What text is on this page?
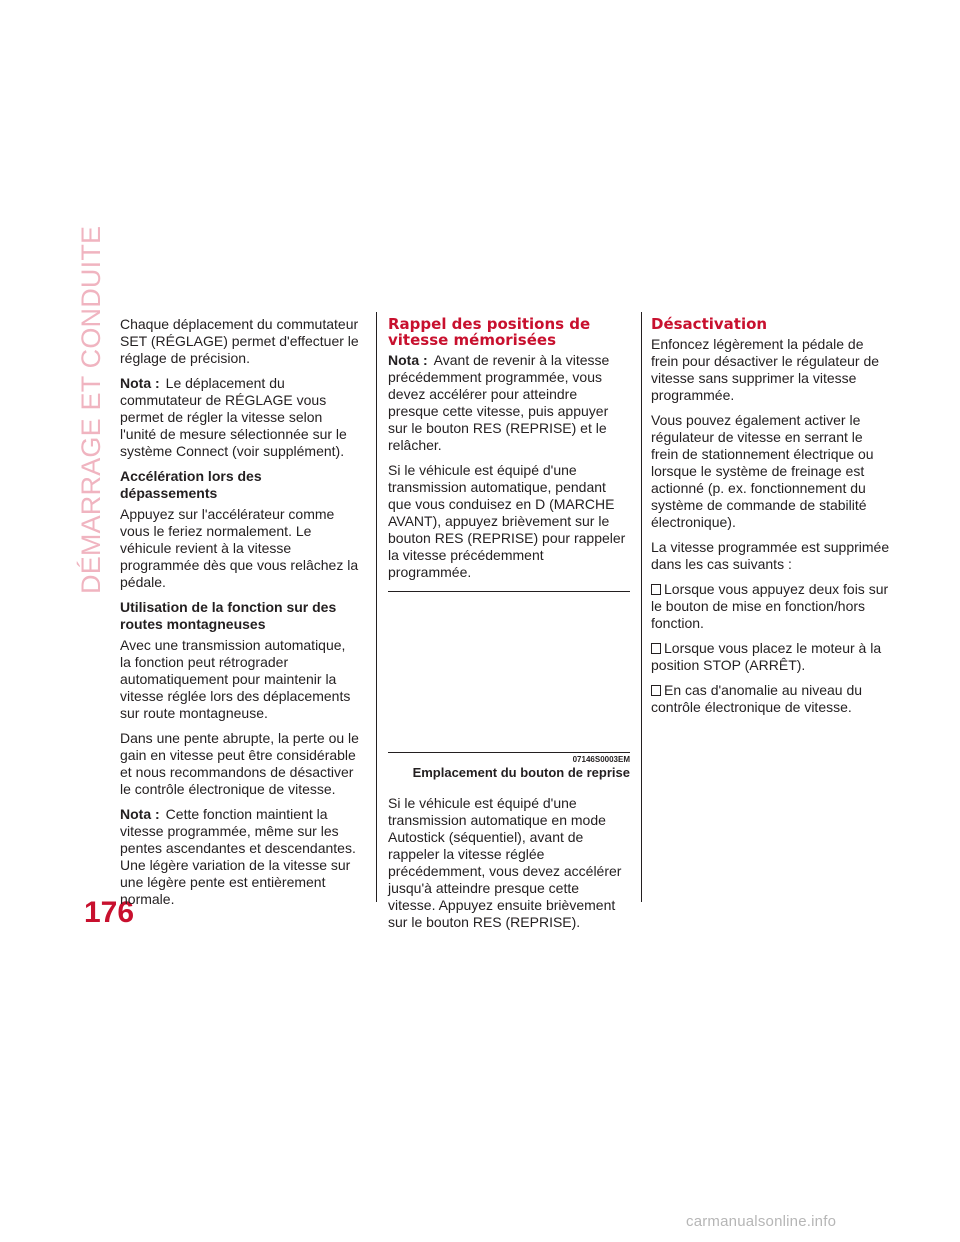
DÉMARRAGE ET CONDUITE
176

Chaque déplacement du commutateur SET (RÉGLAGE) permet d'effectuer le réglage de précision.

Nota : Le déplacement du commutateur de RÉGLAGE vous permet de régler la vitesse selon l'unité de mesure sélectionnée sur le système Connect (voir supplément).

Accélération lors des dépassements

Appuyez sur l'accélérateur comme vous le feriez normalement. Le véhicule revient à la vitesse programmée dès que vous relâchez la pédale.

Utilisation de la fonction sur des routes montagneuses

Avec une transmission automatique, la fonction peut rétrograder automatiquement pour maintenir la vitesse réglée lors des déplacements sur route montagneuse.

Dans une pente abrupte, la perte ou le gain en vitesse peut être considérable et nous recommandons de désactiver le contrôle électronique de vitesse.

Nota : Cette fonction maintient la vitesse programmée, même sur les pentes ascendantes et descendantes. Une légère variation de la vitesse sur une légère pente est entièrement normale.

Rappel des positions de vitesse mémorisées

Nota : Avant de revenir à la vitesse précédemment programmée, vous devez accélérer pour atteindre presque cette vitesse, puis appuyer sur le bouton RES (REPRISE) et le relâcher.

Si le véhicule est équipé d'une transmission automatique, pendant que vous conduisez en D (MARCHE AVANT), appuyez brièvement sur le bouton RES (REPRISE) pour rappeler la vitesse précédemment programmée.

07146S0003EM
Emplacement du bouton de reprise

Si le véhicule est équipé d'une transmission automatique en mode Autostick (séquentiel), avant de rappeler la vitesse réglée précédemment, vous devez accélérer jusqu'à atteindre presque cette vitesse. Appuyez ensuite brièvement sur le bouton RES (REPRISE).

Désactivation

Enfoncez légèrement la pédale de frein pour désactiver le régulateur de vitesse sans supprimer la vitesse programmée.

Vous pouvez également activer le régulateur de vitesse en serrant le frein de stationnement électrique ou lorsque le système de freinage est actionné (p. ex. fonctionnement du système de commande de stabilité électronique).

La vitesse programmée est supprimée dans les cas suivants :

Lorsque vous appuyez deux fois sur le bouton de mise en fonction/hors fonction.
Lorsque vous placez le moteur à la position STOP (ARRÊT).
En cas d'anomalie au niveau du contrôle électronique de vitesse.
carmanualsonline.info
